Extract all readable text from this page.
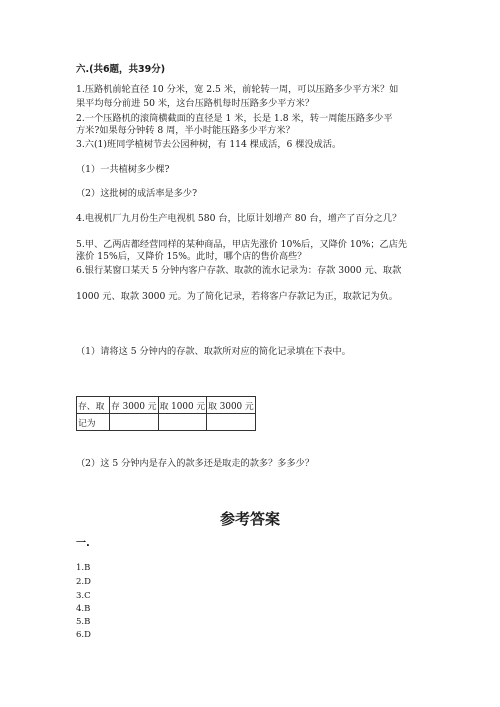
六.(共6题，共39分)
1.压路机前轮直径 10 分米，宽 2.5 米，前轮转一周，可以压路多少平方米？如
果平均每分前进 50 米，这台压路机每时压路多少平方米？
2.一个压路机的滚筒横截面的直径是 1 米，长是 1.8 米，转一周能压路多少平
方米?如果每分钟转 8 周，半小时能压路多少平方米？
3.六(1)班同学植树节去公园种树，有 114 棵成活，6 棵没成活。
（1）一共植树多少棵?
（2）这批树的成活率是多少?
4.电视机厂九月份生产电视机 580 台，比原计划增产 80 台，增产了百分之几？
5.甲、乙两店都经营同样的某种商品，甲店先涨价 10%后，又降价 10%；乙店先
涨价 15%后，又降价 15%。此时，哪个店的售价高些？
6.银行某窗口某天 5 分钟内客户存款、取款的流水记录为：存款 3000 元、取款
1000 元、取款 3000 元。为了简化记录，若将客户存款记为正，取款记为负。
（1）请将这 5 分钟内的存款、取款所对应的简化记录填在下表中。
存、取	存 3000 元	取 1000 元	取 3000 元
记为			
（2）这 5 分钟内是存入的款多还是取走的款多？多多少？
参考答案
一.
1.B
2.D
3.C
4.B
5.B
6.D
